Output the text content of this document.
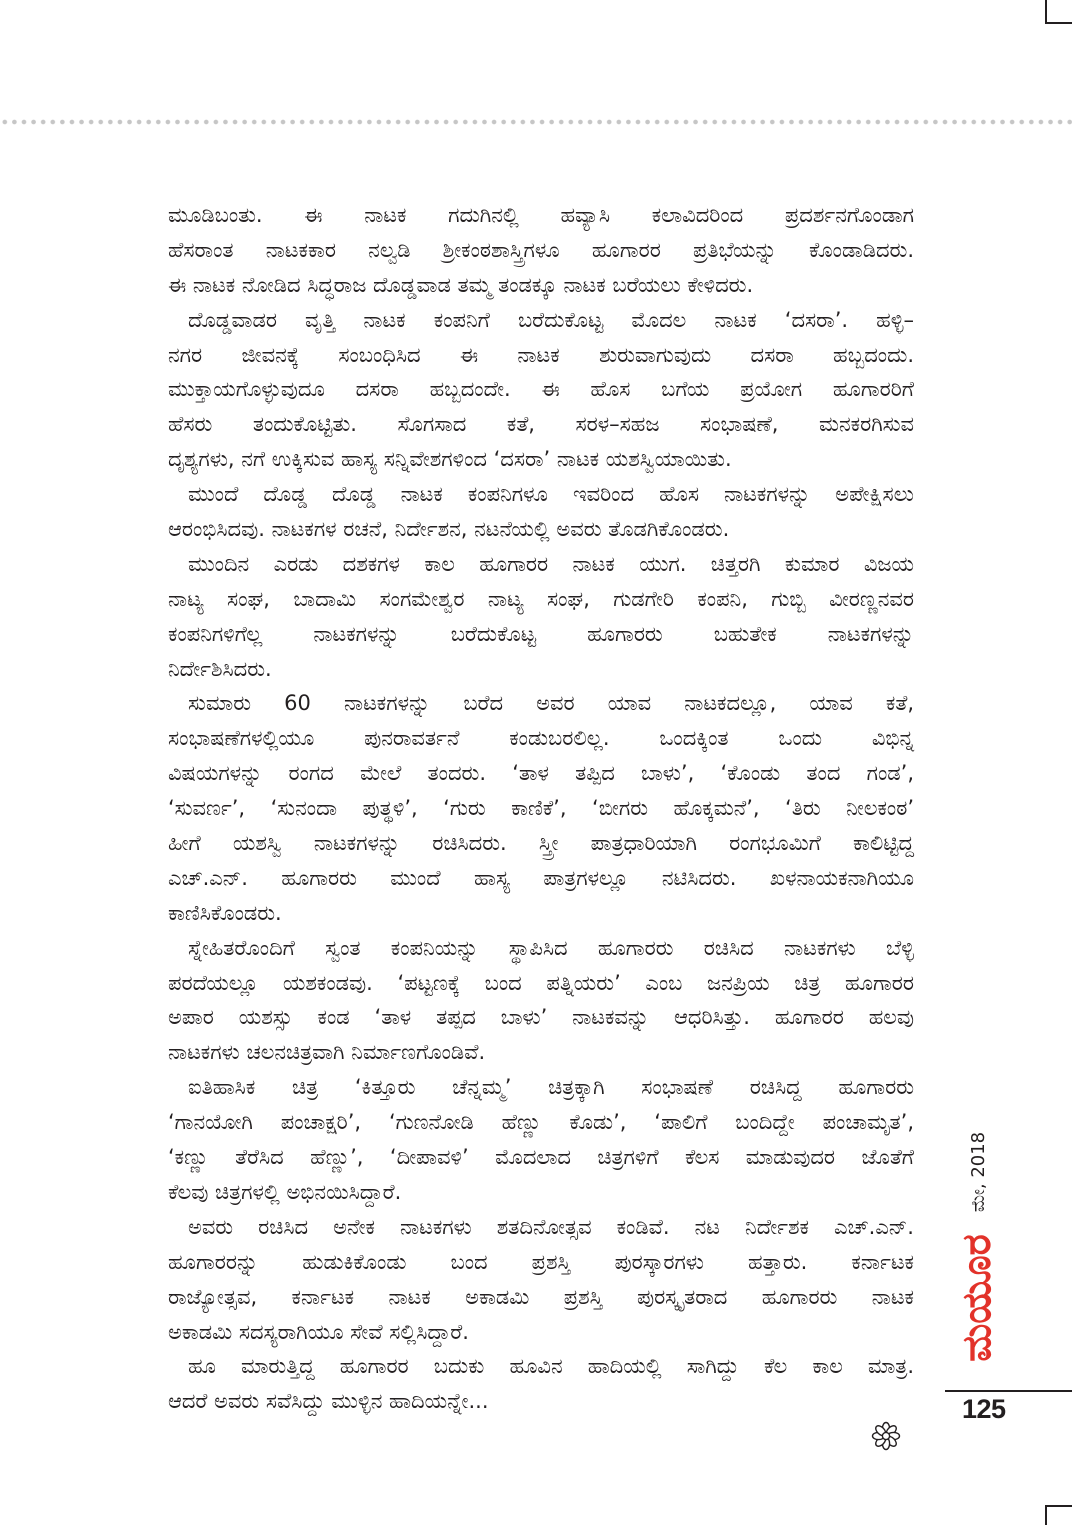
ಮೂಡಿಬಂತು. ಈ ನಾಟಕ ಗದುಗಿನಲ್ಲಿ ಹವ್ಯಾಸಿ ಕಲಾವಿದರಿಂದ ಪ್ರದರ್ಶನಗೊಂಡಾಗ
ಹೆಸರಾಂತ ನಾಟಕಕಾರ ನಲ್ವಡಿ ಶ್ರೀಕಂಠಶಾಸ್ತ್ರಿಗಳೂ ಹೂಗಾರರ ಪ್ರತಿಭೆಯನ್ನು ಕೊಂಡಾಡಿದರು.
ಈ ನಾಟಕ ನೋಡಿದ ಸಿದ್ಧರಾಜ ದೊಡ್ಡವಾಡ ತಮ್ಮ ತಂಡಕ್ಕೂ ನಾಟಕ ಬರೆಯಲು ಕೇಳಿದರು.
ದೊಡ್ಡವಾಡರ ವೃತ್ತಿ ನಾಟಕ ಕಂಪನಿಗೆ ಬರೆದುಕೊಟ್ಟ ಮೊದಲ ನಾಟಕ ‘ದಸರಾ’. ಹಳ್ಳಿ–
ನಗರ ಜೀವನಕ್ಕೆ ಸಂಬಂಧಿಸಿದ ಈ ನಾಟಕ ಶುರುವಾಗುವುದು ದಸರಾ ಹಬ್ಬದಂದು.
ಮುಕ್ತಾಯಗೊಳ್ಳುವುದೂ ದಸರಾ ಹಬ್ಬದಂದೇ. ಈ ಹೊಸ ಬಗೆಯ ಪ್ರಯೋಗ ಹೂಗಾರರಿಗೆ
ಹೆಸರು ತಂದುಕೊಟ್ಟಿತು. ಸೊಗಸಾದ ಕತೆ, ಸರಳ–ಸಹಜ ಸಂಭಾಷಣೆ, ಮನಕರಗಿಸುವ
ದೃಶ್ಯಗಳು, ನಗೆ ಉಕ್ಕಿಸುವ ಹಾಸ್ಯ ಸನ್ನಿವೇಶಗಳಿಂದ ‘ದಸರಾ’ ನಾಟಕ ಯಶಸ್ವಿಯಾಯಿತು.
ಮುಂದೆ ದೊಡ್ಡ ದೊಡ್ಡ ನಾಟಕ ಕಂಪನಿಗಳೂ ಇವರಿಂದ ಹೊಸ ನಾಟಕಗಳನ್ನು ಅಪೇಕ್ಷಿಸಲು
ಆರಂಭಿಸಿದವು. ನಾಟಕಗಳ ರಚನೆ, ನಿರ್ದೇಶನ, ನಟನೆಯಲ್ಲಿ ಅವರು ತೊಡಗಿಕೊಂಡರು.
ಮುಂದಿನ ಎರಡು ದಶಕಗಳ ಕಾಲ ಹೂಗಾರರ ನಾಟಕ ಯುಗ. ಚಿತ್ತರಗಿ ಕುಮಾರ ವಿಜಯ
ನಾಟ್ಯ ಸಂಘ, ಬಾದಾಮಿ ಸಂಗಮೇಶ್ವರ ನಾಟ್ಯ ಸಂಘ, ಗುಡಗೇರಿ ಕಂಪನಿ, ಗುಬ್ಬಿ ವೀರಣ್ಣನವರ
ಕಂಪನಿಗಳಿಗೆಲ್ಲ ನಾಟಕಗಳನ್ನು ಬರೆದುಕೊಟ್ಟ ಹೂಗಾರರು ಬಹುತೇಕ ನಾಟಕಗಳನ್ನು
ನಿರ್ದೇಶಿಸಿದರು.
ಸುಮಾರು 60 ನಾಟಕಗಳನ್ನು ಬರೆದ ಅವರ ಯಾವ ನಾಟಕದಲ್ಲೂ, ಯಾವ ಕತೆ,
ಸಂಭಾಷಣೆಗಳಲ್ಲಿಯೂ ಪುನರಾವರ್ತನೆ ಕಂಡುಬರಲಿಲ್ಲ. ಒಂದಕ್ಕಿಂತ ಒಂದು ವಿಭಿನ್ನ
ವಿಷಯಗಳನ್ನು ರಂಗದ ಮೇಲೆ ತಂದರು. ‘ತಾಳ ತಪ್ಪಿದ ಬಾಳು’, ‘ಕೊಂಡು ತಂದ ಗಂಡ’,
‘ಸುವರ್ಣ’, ‘ಸುನಂದಾ ಪುತ್ಥಳಿ’, ‘ಗುರು ಕಾಣಿಕೆ’, ‘ಬೀಗರು ಹೊಕ್ಕಮನೆ’, ‘ತಿರು ನೀಲಕಂಠ’
ಹೀಗೆ ಯಶಸ್ವಿ ನಾಟಕಗಳನ್ನು ರಚಿಸಿದರು. ಸ್ತ್ರೀ ಪಾತ್ರಧಾರಿಯಾಗಿ ರಂಗಭೂಮಿಗೆ ಕಾಲಿಟ್ಟಿದ್ದ
ಎಚ್.ಎನ್. ಹೂಗಾರರು ಮುಂದೆ ಹಾಸ್ಯ ಪಾತ್ರಗಳಲ್ಲೂ ನಟಿಸಿದರು. ಖಳನಾಯಕನಾಗಿಯೂ
ಕಾಣಿಸಿಕೊಂಡರು.
ಸ್ನೇಹಿತರೊಂದಿಗೆ ಸ್ವಂತ ಕಂಪನಿಯನ್ನು ಸ್ಥಾಪಿಸಿದ ಹೂಗಾರರು ರಚಿಸಿದ ನಾಟಕಗಳು ಬೆಳ್ಳಿ
ಪರದೆಯಲ್ಲೂ ಯಶಕಂಡವು. ‘ಪಟ್ಟಣಕ್ಕೆ ಬಂದ ಪತ್ನಿಯರು’ ಎಂಬ ಜನಪ್ರಿಯ ಚಿತ್ರ ಹೂಗಾರರ
ಅಪಾರ ಯಶಸ್ಸು ಕಂಡ ‘ತಾಳ ತಪ್ಪದ ಬಾಳು’ ನಾಟಕವನ್ನು ಆಧರಿಸಿತ್ತು. ಹೂಗಾರರ ಹಲವು
ನಾಟಕಗಳು ಚಲನಚಿತ್ರವಾಗಿ ನಿರ್ಮಾಣಗೊಂಡಿವೆ.
ಐತಿಹಾಸಿಕ ಚಿತ್ರ ‘ಕಿತ್ತೂರು ಚೆನ್ನಮ್ಮ’ ಚಿತ್ರಕ್ಕಾಗಿ ಸಂಭಾಷಣೆ ರಚಿಸಿದ್ದ ಹೂಗಾರರು
‘ಗಾನಯೋಗಿ ಪಂಚಾಕ್ಷರಿ’, ‘ಗುಣನೋಡಿ ಹೆಣ್ಣು ಕೊಡು’, ‘ಪಾಲಿಗೆ ಬಂದಿದ್ದೇ ಪಂಚಾಮೃತ’,
‘ಕಣ್ಣು ತೆರೆಸಿದ ಹೆಣ್ಣು’, ‘ದೀಪಾವಳಿ’ ಮೊದಲಾದ ಚಿತ್ರಗಳಿಗೆ ಕೆಲಸ ಮಾಡುವುದರ ಜೊತೆಗೆ
ಕೆಲವು ಚಿತ್ರಗಳಲ್ಲಿ ಅಭಿನಯಿಸಿದ್ದಾರೆ.
ಅವರು ರಚಿಸಿದ ಅನೇಕ ನಾಟಕಗಳು ಶತದಿನೋತ್ಸವ ಕಂಡಿವೆ. ನಟ ನಿರ್ದೇಶಕ ಎಚ್.ಎನ್.
ಹೂಗಾರರನ್ನು ಹುಡುಕಿಕೊಂಡು ಬಂದ ಪ್ರಶಸ್ತಿ ಪುರಸ್ಕಾರಗಳು ಹತ್ತಾರು. ಕರ್ನಾಟಕ
ರಾಜ್ಯೋತ್ಸವ, ಕರ್ನಾಟಕ ನಾಟಕ ಅಕಾಡಮಿ ಪ್ರಶಸ್ತಿ ಪುರಸ್ಕೃತರಾದ ಹೂಗಾರರು ನಾಟಕ
ಅಕಾಡಮಿ ಸದಸ್ಯರಾಗಿಯೂ ಸೇವೆ ಸಲ್ಲಿಸಿದ್ದಾರೆ.
ಹೂ ಮಾರುತ್ತಿದ್ದ ಹೂಗಾರರ ಬದುಕು ಹೂವಿನ ಹಾದಿಯಲ್ಲಿ ಸಾಗಿದ್ದು ಕೆಲ ಕಾಲ ಮಾತ್ರ.
ಆದರೆ ಅವರು ಸವೆಸಿದ್ದು ಮುಳ್ಳಿನ ಹಾದಿಯನ್ನೇ...
ಮೇ, 2018
ಮಯೂರ
125
